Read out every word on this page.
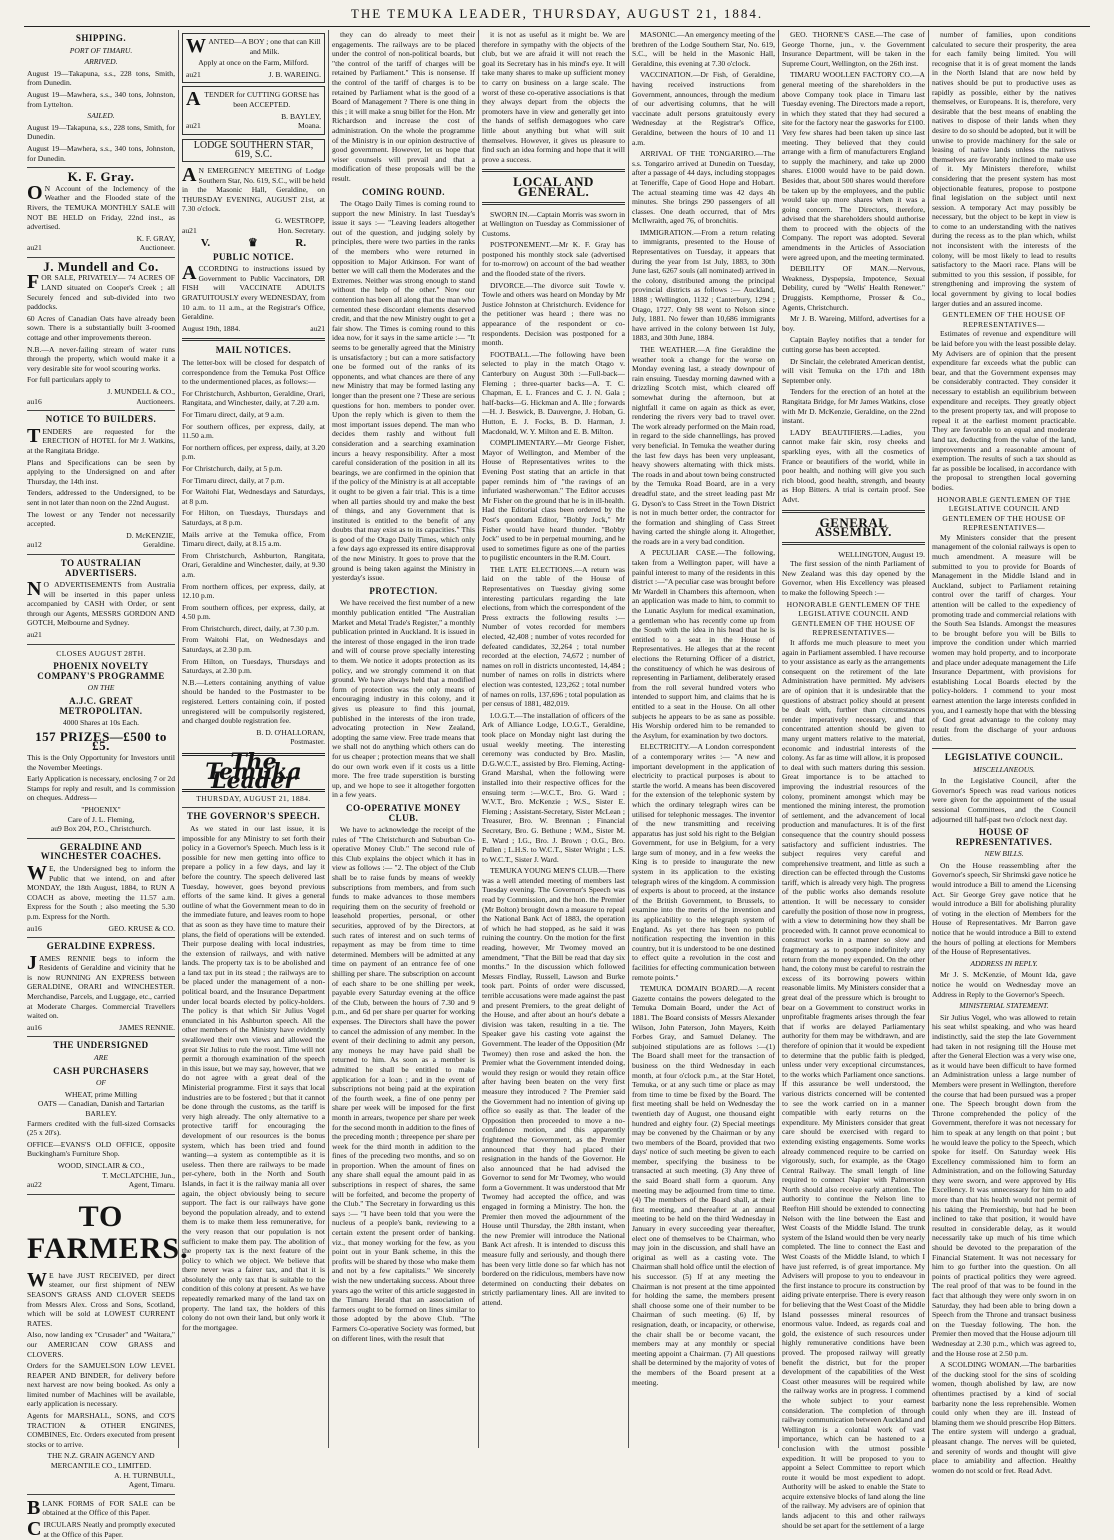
THE TEMUKA LEADER, THURSDAY, AUGUST 21, 1884.
SHIPPING.
PORT OF TIMARU.
ARRIVED.

August 19—Takapuna, s.s., 228 tons, Smith, from Dunedin.

August 19—Mawhera, s.s., 340 tons, Johnston, from Lyttelton.

SAILED.

August 19—Takapuna, s.s., 228 tons, Smith, for Dunedin.

August 19—Mawhera, s.s., 340 tons, Johnston, for Dunedin.

K. F. Gray.

ON Account of the Inclemency of the Weather and the Flooded state of the Rivers, the TEMUKA MONTHLY SALE will NOT BE HELD on Friday, 22nd inst., as advertised.

K. F. GRAY,
au21	Auctioneer.
J. Mundell and Co.

FOR SALE, PRIVATELY— 74 ACRES OF LAND situated on Cooper's Creek ; all Securely fenced and sub-divided into two paddocks.

60 Acres of Canadian Oats have already been sown. There is a substantially built 3-roomed cottage and other improvements thereon.

N.B.—A never-failing stream of water runs through the property, which would make it a very desirable site for wool scouring works.

For full particulars apply to

J. MUNDELL & CO.,
au16	Auctioneers.
NOTICE TO BUILDERS.

TENDERS are requested for the ERECTION of HOTEL for Mr J. Watkins, at the Rangitata Bridge.

Plans and Specifications can be seen by applying to the Undersigned on and after Thursday, the 14th inst.

Tenders, addressed to the Undersigned, to be sent in not later than noon on the 22nd August.

The lowest or any Tender not necessarily accepted.

D. McKENZIE,
au12	Geraldine.
TO AUSTRALIAN ADVERTISERS.

NO ADVERTISEMENTS from Australia will be inserted in this paper unless accompanied by CASH with Order, or sent through our Agents, MESSRS GORDON AND GOTCH, Melbourne and Sydney.

au21
CLOSES AUGUST 28TH.
PHOENIX NOVELTY COMPANY'S PROGRAMME
ON THE
A.J.C. GREAT METROPOLITAN.
4000 Shares at 10s Each.
157 PRIZES—£500 to £5.

This is the Only Opportunity for Investors until the November Meetings.

Early Application is necessary, enclosing 7 or 2d Stamps for reply and result, and 1s commission on cheques. Address—

"PHOENIX"
Care of J. L. Fleming,
au9 Box 204, P.O., Christchurch.
GERALDINE AND WINCHESTER COACHES.

WE, the Undersigned beg to inform the Public that we intend, on and after MONDAY, the 18th August, 1884, to RUN A COACH as above, meeting the 11.57 a.m. Express for the South ; also meeting the 5.30 p.m. Express for the North.

au16	GEO. KRUSE & CO.
GERALDINE EXPRESS.

JAMES RENNIE begs to inform the Residents of Geraldine and vicinity that he is now RUNNING AN EXPRESS between GERALDINE, ORARI and WINCHESTER. Merchandise, Parcels, and Luggage, etc., carried at Moderate Charges. Commercial Travellers waited on.

au16	JAMES RENNIE.
THE UNDERSIGNED
ARE
CASH PURCHASERS
OF
WHEAT, prime Milling
OATS — Canadian, Danish and Tartarian
BARLEY.

Farmers credited with the full-sized Cornsacks (25 x 20's).

OFFICE—EVANS'S OLD OFFICE, opposite Buckingham's Furniture Shop.

WOOD, SINCLAIR & CO.,
T. McCLATCHIE, Jun.,
au22	Agent, Timaru.
TO FARMERS.

WE have JUST RECEIVED, per direct steamer, our first shipment of NEW SEASON'S GRASS AND CLOVER SEEDS from Messrs Alex. Cross and Sons, Scotland, which will be sold at LOWEST CURRENT RATES.

Also, now landing ex "Crusader" and "Waitara," our AMERICAN COW GRASS and CLOVERS.

Orders for the SAMUELSON LOW LEVEL REAPER AND BINDER, for delivery before next harvest are now being booked. As only a limited number of Machines will be available, early application is necessary.

Agents for MARSHALL, SONS, and CO'S TRACTION & OTHER ENGINES, COMBINES, Etc. Orders executed from present stocks or to arrive.

THE N.Z. GRAIN AGENCY AND MERCANTILE CO., LIMITED.
A. H. TURNBULL,
Agent, Timaru.

BLANK FORMS of FOR SALE can be obtained at the Office of this Paper.

CIRCULARS Neatly and promptly executed at the Office of this Paper.

WANTED—A BOY ; one that can Kill and Milk.

Apply at once on the Farm, Milford.

au21	J. B. WAREING.

ATENDER for CUTTING GORSE has been ACCEPTED.

B. BAYLEY,
au21	Moana.
LODGE SOUTHERN STAR, 619, S.C.

AN EMERGENCY MEETING of Lodge Southern Star, No. 619, S.C., will be held in the Masonic Hall, Geraldine, on THURSDAY EVENING, AUGUST 21st, at 7.30 o'clock.

G. WESTROPP,
au21	Hon. Secretary.
V.	♛	R.
PUBLIC NOTICE.

ACCORDING to instructions issued by Government to Public Vaccinators, DR FISH will VACCINATE ADULTS GRATUITOUSLY every WEDNESDAY, from 10 a.m. to 11 a.m., at the Registrar's Office, Geraldine.

August 19th, 1884.	au21
MAIL NOTICES.

The letter-box will be closed for despatch of correspondence from the Temuka Post Office to the undermentioned places, as follows:—

For Christchurch, Ashburton, Geraldine, Orari, Rangitata, and Winchester, daily, at 7.20 a.m.

For Timaru direct, daily, at 9 a.m.

For southern offices, per express, daily, at 11.50 a.m.

For northern offices, per express, daily, at 3.20 p.m.

For Christchurch, daily, at 5 p.m.

For Timaru direct, daily, at 7 p.m.

For Waitohi Flat, Wednesdays and Saturdays, at 8 p.m.

For Hilton, on Tuesdays, Thursdays and Saturdays, at 8 p.m.

Mails arrive at the Temuka office, From Timaru direct, daily, at 8.15 a.m.

From Christchurch, Ashburton, Rangitata, Orari, Geraldine and Winchester, daily, at 9.30 a.m.

From northern offices, per express, daily, at 12.10 p.m.

From southern offices, per express, daily, at 4.50 p.m.

From Christchurch, direct, daily, at 7.30 p.m.

From Waitohi Flat, on Wednesdays and Saturdays, at 2.30 p.m.

From Hilton, on Tuesdays, Thursdays and Saturdays, at 2.30 p.m.

N.B.—Letters containing anything of value should be handed to the Postmaster to be registered. Letters containing coin, if posted unregistered will be compulsorily registered, and charged double registration fee.

B. D. O'HALLORAN,
Postmaster.
The Temuka Leader
THURSDAY, AUGUST 21, 1884.
THE GOVERNOR'S SPEECH.

As we stated in our last issue, it is impossible for any Ministry to set forth their policy in a Governor's Speech. Much less is it possible for new men getting into office to prepare a policy in a few days, and lay it before the country. The speech delivered last Tuesday, however, goes beyond previous efforts of the same kind. It gives a general outline of what the Government mean to do in the immediate future, and leaves room to hope that as soon as they have time to mature their plans, the field of operations will be extended. Their purpose dealing with local industries, the extension of railways, and with native lands. The property tax is to be abolished and a land tax put in its stead ; the railways are to be placed under the management of a non-political board, and the Insurance Department under local boards elected by policy-holders. The policy is that which Sir Julius Vogel enunciated in his Ashburton speech. All the other members of the Ministry have evidently swallowed their own views and allowed the great Sir Julius to rule the roost. Time will not permit a thorough examination of the speech in this issue, but we may say, however, that we do not agree with a great deal of the Ministerial programme. First it says that local industries are to be fostered ; but that it cannot be done through the customs, as the tariff is very high already. The only alternative to a protective tariff for encouraging the development of our resources is the bonus system, which has been tried and found wanting—a system as contemptible as it is useless. Then there are railways to be made per-cyhere, both in the North and South Islands, in fact it is the railway mania all over again, the object obviously being to secure support. The fact is our railways have gone beyond the population already, and to extend them is to make them less remunerative, for the very reason that our population is not sufficient to make them pay. The abolition of the property tax is the next feature of the policy to which we object. We believe that there never was a fairer tax, and that it is absolutely the only tax that is suitable to the condition of this colony at present. As we have repeatedly remarked many of the land tax on property. The land tax, the holders of this colony do not own their land, but only work it for the mortgagee.

they can do already to meet their engagements. The railways are to be placed under the control of non-political boards, but "the control of the tariff of charges will be retained by Parliament." This is nonsense. If the control of the tariff of charges is to be retained by Parliament what is the good of a Board of Management ? There is one thing in this ; it will make a snug billet for the Hon. Mr Richardson and increase the cost of administration. On the whole the programme of the Ministry is in our opinion destructive of good government. However, let us hope that wiser counsels will prevail and that a modification of these proposals will be the result.

COMING ROUND.

The Otago Daily Times is coming round to support the new Ministry. In last Tuesday's issue it says :— "Leaving leaders altogether out of the question, and judging solely by principles, there were two parties in the ranks of the members who were returned in opposition to Major Atkinson. For want of better we will call them the Moderates and the Extremes. Neither was strong enough to stand without the help of the other." Now our contention has been all along that the man who cemented these discordant elements deserved credit, and that the new Ministry ought to get a fair show. The Times is coming round to this idea now, for it says in the same article :— "It seems to be generally agreed that the Ministry is unsatisfactory ; but can a more satisfactory one be formed out of the ranks of its opponents, and what chances are there of any new Ministry that may be formed lasting any longer than the present one ? These are serious questions for hon. members to ponder over. Upon the reply which is given to them the most important issues depend. The man who decides them rashly and without full consideration and a searching examination incurs a heavy responsibility. After a most careful consideration of the position in all its bearings, we are confirmed in the opinion that if the policy of the Ministry is at all acceptable it ought to be given a fair trial. This is a time when all parties should try and make the best of things, and any Government that is instituted is entitled to the benefit of any doubts that may exist as to its capacities." This is good of the Otago Daily Times, which only a few days ago expressed its entire disapproval of the new Ministry. It goes to prove that the ground is being taken against the Ministry in yesterday's issue.

PROTECTION.

We have received the first number of a new monthly publication entitled "The Australian Market and Metal Trade's Register," a monthly publication printed in Auckland. It is issued in the interest of those engaged in the iron trade and will of course prove specially interesting to them. We notice it adopts protection as its policy, and we strongly commend it on that ground. We have always held that a modified form of protection was the only means of encouraging industry in this colony, and it gives us pleasure to find this journal, published in the interests of the iron trade, advocating protection in New Zealand, adopting the same view. Free trade means that we shall not do anything which others can do for us cheaper ; protection means that we shall do our own work even if it costs us a little more. The free trade superstition is bursting up, and we hope to see it altogether forgotten in a few years.

CO-OPERATIVE MONEY CLUB.

We have to acknowledge the receipt of the rules of "The Christchurch and Suburban Co-operative Money Club." The second rule of this Club explains the object which it has in view as follows :— "2. The object of the Club shall be to raise funds by means of weekly subscriptions from members, and from such funds to make advances to those members requiring them on the security of freehold or leasehold properties, personal, or other securities, approved of by the Directors, at such rates of interest and on such terms of repayment as may be from time to time determined. Members will be admitted at any time on payment of an entrance fee of one shilling per share. The subscription on account of each share to be one shilling per week, payable every Saturday evening at the office of the Club, between the hours of 7.30 and 9 p.m., and 6d per share per quarter for working expenses. The Directors shall have the power to cancel the admission of any member. In the event of their declining to admit any person, any moneys he may have paid shall be returned to him. As soon as a member is admitted he shall be entitled to make application for a loan ; and in the event of subscriptions not being paid at the expiration of the fourth week, a fine of one penny per share per week will be imposed for the first month in arrears, twopence per share per week for the second month in addition to the fines of the preceding month ; threepence per share per week for the third month in addition to the fines of the preceding two months, and so on in proportion. When the amount of fines on any share shall equal the amount paid in as subscriptions in respect of shares, the same will be forfeited, and become the property of the Club." The Secretary in forwarding us this says :— "I have been told that you were the nucleus of a people's bank, reviewing to a certain extent the present order of banking. viz., that money working for the few, as you point out in your Bank scheme, in this the profits will be shared by those who make them and not by a few capitalists." We sincerely wish the new undertaking success. About three years ago the writer of this article suggested in the Timaru Herald that an association of farmers ought to be formed on lines similar to those adopted by the above Club. "The Farmers Co-operative Society was formed, but on different lines, with the result that

it is not as useful as it might be. We are therefore in sympathy with the objects of the club, but we are afraid it will not reach the goal its Secretary has in his mind's eye. It will take many shares to make up sufficient money to carry on business on a large scale. The worst of these co-operative associations is that they always depart from the objects the promoters have in view and generally get into the hands of selfish demagogues who care little about anything but what will suit themselves. However, it gives us pleasure to find such an idea forming and hope that it will prove a success.

LOCAL AND GENERAL.

SWORN IN.—Captain Morris was sworn in at Wellington on Tuesday as Commissioner of Customs.

POSTPONEMENT.—Mr K. F. Gray has postponed his monthly stock sale (advertised for to-morrow) on account of the bad weather and the flooded state of the rivers.

DIVORCE.—The divorce suit Towle v. Towle and others was heard on Monday by Mr Justice Johnston at Christchurch. Evidence for the petitioner was heard ; there was no appearance of the respondent or co-respondents. Decision was postponed for a month.

FOOTBALL.—The following have been selected to play in the match Otago v. Canterbury on August 30th :—Full-back—Fleming ; three-quarter backs—A. T. C. Chapman, E. L. Frances and C. J. N. Gala ; half-backs—G. Hickman and A. Ille ; forwards—H. J. Beswick, B. Dauvergne, J. Hoban, G. Hutton, E. J. Focks, B. D. Harman, J. Macdonald, W. Y. Milton and E. B. Milton.

COMPLIMENTARY.—Mr George Fisher, Mayor of Wellington, and Member of the House of Representatives writes to the Evening Post stating that an article in that paper reminds him of "the ravings of an infuriated washerwoman." The Editor accuses Mr Fisher on the ground that he is in ill-health. Had the Editorial class been ordered by the Post's quondam Editor, "Bobby Jock," Mr Fisher would have heard thunder. "Bobby Jock" used to be in perpetual mourning, and he used to sometimes figure as one of the parties to pugilistic encounters in the R.M. Court.

THE LATE ELECTIONS.—A return was laid on the table of the House of Representatives on Tuesday giving some interesting particulars regarding the late elections, from which the correspondent of the Press extracts the following results :— Number of votes recorded for members elected, 42,408 ; number of votes recorded for defeated candidates, 32,264 ; total number recorded at the election, 74,672 ; number of names on roll in districts uncontested, 14,484 ; number of names on rolls in districts where election was contested, 123,262 ; total number of names on rolls, 137,696 ; total population as per census of 1881, 482,019.

I.O.G.T.—The installation of officers of the Ark of Alliance Lodge, I.O.G.T., Geraldine, took place on Monday night last during the usual weekly meeting. The interesting ceremony was conducted by Bro. Maslin, D.G.W.C.T., assisted by Bro. Fleming, Acting-Grand Marshal, when the following were installed into their respective offices for the ensuing term :—W.C.T., Bro. G. Ward ; W.V.T., Bro. McKenzie ; W.S., Sister E. Fleming ; Assistant-Secretary, Sister McLean ; Treasurer, Bro. W. Brennan ; Financial Secretary, Bro. G. Bethune ; W.M., Sister M. E. Ward ; I.G., Bro. J. Brown ; O.G., Bro. Pullen ; L.H.S. to W.C.T., Sister Wright ; L.S. to W.C.T., Sister J. Ward.

TEMUKA YOUNG MEN'S CLUB.—There was a well attended meeting of members last Tuesday evening. The Governor's Speech was read by Commission, and the hon. the Premier (Mr Bolton) brought down a measure to repeal the National Bank Act of 1883, the operation of which he had stopped, as he said it was ruining the country. On the motion for the first reading, however, Mr Twomey moved an amendment, "That the Bill be read that day six months." In the discussion which followed Messrs Findlay, Russell, Lawson and Burke took part. Points of order were discussed, terrible accusations were made against the past and present Premiers, to the great delight of the House, and after about an hour's debate a division was taken, resulting in a tie. The Speaker gave his casting vote against the Government. The leader of the Opposition (Mr Twomey) then rose and asked the hon. the Premier what the Government intended doing, would they resign or would they retain office after having been beaten on the very first measure they introduced ? The Premier said the Government had no intention of giving up office so easily as that. The leader of the Opposition then proceeded to move a no-confidence motion, and this apparently frightened the Government, as the Premier announced that they had placed their resignation in the hands of the Governor. He also announced that he had advised the Governor to send for Mr Twomey, who would form a Government. It was understood that Mr Twomey had accepted the office, and was engaged in forming a Ministry. The hon. the Premier then moved the adjournment of the House until Thursday, the 28th instant, when the new Premier will introduce the National Bank Act afresh. It is intended to discuss this measure fully and seriously, and though there has been very little done so far which has not bordered on the ridiculous, members have now determined on conducting their debates on strictly parliamentary lines. All are invited to attend.

MASONIC.—An emergency meeting of the brethren of the Lodge Southern Star, No. 619, S.C., will be held in the Masonic Hall, Geraldine, this evening at 7.30 o'clock.

VACCINATION.—Dr Fish, of Geraldine, having received instructions from Government, announces, through the medium of our advertising columns, that he will vaccinate adult persons gratuitously every Wednesday at the Registrar's Office, Geraldine, between the hours of 10 and 11 a.m.

ARRIVAL OF THE TONGARIRO.—The s.s. Tongariro arrived at Dunedin on Tuesday, after a passage of 44 days, including stoppages at Teneriffe, Cape of Good Hope and Hobart. The actual steaming time was 42 days 4h minutes. She brings 290 passengers of all classes. One death occurred, that of Mrs McIlwraith, aged 76, of bronchitis.

IMMIGRATION.—From a return relating to immigrants, presented to the House of Representatives on Tuesday, it appears that during the year from 1st July, 1883, to 30th June last, 6267 souls (all nominated) arrived in the colony, distributed among the principal provincial districts as follows :— Auckland, 1888 ; Wellington, 1132 ; Canterbury, 1294 ; Otago, 1727. Only 98 went to Nelson since July, 1881. No fewer than 10,686 immigrants have arrived in the colony between 1st July, 1883, and 30th June, 1884.

THE WEATHER.—A fine Geraldine the weather took a change for the worse on Monday evening last, a steady downpour of rain ensuing. Tuesday morning dawned with a drizzling Scotch mist, which cleared off somewhat during the afternoon, but at nightfall it came on again as thick as ever, rendering the rivers very bad to travel over. The work already performed on the Main road, in regard to the side channellings, has proved very beneficial. In Temuka the weather during the last few days has been very unpleasant, heavy showers alternating with thick mists. The roads in and about town being constructed by the Temuka Road Board, are in a very dreadful state, and the street leading past Mr G. Dyson's to Cass Street in the Town District is not in much better order, the contractor for the formation and shingling of Cass Street having carted the shingle along it. Altogether, the roads are in a very bad condition.

A PECULIAR CASE.—The following, taken from a Wellington paper, will have a painful interest to many of the residents in this district :—"A peculiar case was brought before Mr Wardell in Chambers this afternoon, when an application was made to him, to commit to the Lunatic Asylum for medical examination, a gentleman who has recently come up from the South with the idea in his head that he is entitled to a seat in the House of Representatives. He alleges that at the recent elections the Returning Officer of a district, the constituency of which he was desirous of representing in Parliament, deliberately erased from the roll several hundred voters who intended to support him, and claims that he is entitled to a seat in the House. On all other subjects he appears to be as sane as possible. His Worship ordered him to be remanded to the Asylum, for examination by two doctors.

ELECTRICITY.—A London correspondent of a contemporary writes :— "A new and important development in the application of electricity to practical purposes is about to startle the world. A means has been discovered for the extension of the telephonic system by which the ordinary telegraph wires can be utilised for telephonic messages. The inventor of the new transmitting and receiving apparatus has just sold his right to the Belgian Government, for use in Belgium, for a very large sum of money, and in a few weeks the King is to preside to inaugurate the new system in its application to the existing telegraph wires of the kingdom. A commission of experts is about to proceed, at the instance of the British Government, to Brussels, to examine into the merits of the invention and its applicability to the telegraph system of England. As yet there has been no public notification respecting the invention in this country, but it is understood to be one destined to effect quite a revolution in the cost and facilities for effecting communication between remote points."

TEMUKA DOMAIN BOARD.—A recent Gazette contains the powers delegated to the Temuka Domain Board, under the Act of 1881. The Board consists of Messrs Alexander Wilson, John Paterson, John Mayers, Keith Forbes Gray, and Samuel Delaney. The subjoined stipulations are as follows :—(1) The Board shall meet for the transaction of business on the third Wednesday in each month, at four o'clock p.m., at the Star Hotel, Temuka, or at any such time or place as may from time to time be fixed by the Board. The first meeting shall be held on Wednesday the twentieth day of August, one thousand eight hundred and eighty four. (2) Special meetings may be convened by the Chairman or by any two members of the Board, provided that two days' notice of such meeting be given to each member, specifying the business to be transacted at such meeting. (3) Any three of the said Board shall form a quorum. Any meeting may be adjourned from time to time. (4) The members of the Board shall, at their first meeting, and thereafter at an annual meeting to be held on the third Wednesday in January in every succeeding year thereafter, elect one of themselves to be Chairman, who may join in the discussion, and shall have an original as well as a casting vote. The Chairman shall hold office until the election of his successor. (5) If at any meeting the Chairman is not present at the time appointed for holding the same, the members present shall choose some one of their number to be Chairman of such meeting. (6) If, by resignation, death, or incapacity, or otherwise, the chair shall be or become vacant, the members may at any monthly or special meeting appoint a Chairman. (7) All questions shall be determined by the majority of votes of the members of the Board present at a meeting.

GEO. THORNE'S CASE.—The case of George Thorne, jun., v. the Government Insurance Department, will be taken in the Supreme Court, Wellington, on the 26th inst.

TIMARU WOOLLEN FACTORY CO.—A general meeting of the shareholders in the above Company took place in Timaru last Tuesday evening. The Directors made a report, in which they stated that they had secured a site for the factory near the gasworks for £100. Very few shares had been taken up since last meeting. They believed that they could arrange with a firm of manufacturers England to supply the machinery, and take up 2000 shares. £1000 would have to be paid down. Besides that, about 500 shares would therefore be taken up by the employees, and the public would take up more shares when it was a going concern. The Directors, therefore, advised that the shareholders should authorise them to proceed with the objects of the Company. The report was adopted. Several amendments in the Articles of Association were agreed upon, and the meeting terminated.

DEBILITY OF MAN.—Nervous, Weakness, Dyspepsia, Impotence, Sexual Debility, cured by "Wells' Health Renewer." Druggists. Kempthorne, Prosser & Co., Agents, Christchurch.

Mr J. B. Wareing, Milford, advertises for a boy.

Captain Bayley notifies that a tender for cutting gorse has been accepted.

Dr Sinclair, the celebrated American dentist, will visit Temuka on the 17th and 18th September only.

Tenders for the erection of an hotel at the Rangitata Bridge, for Mr James Watkins, close with Mr D. McKenzie, Geraldine, on the 22nd instant.

LADY BEAUTIFIERS.—Ladies, you cannot make fair skin, rosy cheeks and sparkling eyes, with all the cosmetics of France or beautifiers of the world, while in poor health, and nothing will give you such rich blood, good health, strength, and beauty as Hop Bitters. A trial is certain proof. See Advt.

GENERAL ASSEMBLY.
WELLINGTON, August 19.

The first session of the ninth Parliament of New Zealand was this day opened by the Governor, when His Excellency was pleased to make the following Speech :—

HONORABLE GENTLEMEN OF THE LEGISLATIVE COUNCIL AND GENTLEMEN OF THE HOUSE OF REPRESENTATIVES—

It affords me much pleasure to meet you again in Parliament assembled. I have recourse to your assistance as early as the arrangements consequent on the retirement of the late Administration have permitted. My advisers are of opinion that it is undesirable that the questions of abstract policy should at present be dealt with, further than circumstances render imperatively necessary, and that concentrated attention should be given to many urgent matters relative to the material, economic and industrial interests of the colony. As far as time will allow, it is proposed to deal with such matters during this session. Great importance is to be attached to improving the industrial resources of the colony, prominent amongst which may be mentioned the mining interest, the promotion of settlement, and the advancement of local production and manufactures. It is of the first consequence that the country should possess satisfactory and sufficient industries. The subject requires very careful and comprehensive treatment, and little as such a direction can be effected through the Customs tariff, which is already very high. The progress of the public works also demands resolute attention. It will be necessary to consider carefully the position of those now in progress, with a view to determining how they shall be proceeded with. It cannot prove economical to construct works in a manner so slow and fragmentary as to postpone indefinitely any return from the money expended. On the other hand, the colony must be careful to restrain the excess of its borrowing powers within reasonable limits. My Ministers consider that a great deal of the pressure which is brought to bear on a Government to construct works in unprofitable fragments arises through the fear that if works are delayed Parliamentary authority for them may be withdrawn, and are therefore of opinion that it would be expedient to determine that the public faith is pledged, unless under very exceptional circumstances, to the works which Parliament once sanctions. If this assurance be well understood, the various districts concerned will be contented to see the work carried on in a manner compatible with early returns on the expenditure. My Ministers consider that great care should be exercised with regard to extending existing engagements. Some works already commenced require to be carried on vigorously, such, for example, as the Otago Central Railway. The small length of line required to connect Napier with Palmerston North should also receive early attention. The authority to continue the Nelson line to Reefton Hill should be extended to connecting Nelson with the line between the East and West Coasts of the Middle Island. The trunk system of the Island would then be very nearly completed. The line to connect the East and West Coasts of the Middle Island, to which I have just referred, is of great importance. My Advisers will propose to you to endeavour in the first instance to procure its construction by aiding private enterprise. There is every reason for believing that the West Coast of the Middle Island possesses mineral resources of enormous value. Indeed, as regards coal and gold, the existence of such resources under highly remunerative conditions have been proved. The proposed railway will greatly benefit the district, but for the proper development of the capabilities of the West Coast other measures will be required while the railway works are in progress. I commend the whole subject to your earnest consideration. The completion of through railway communication between Auckland and Wellington is a colonial work of vast importance, which can be hastened to a conclusion with the utmost possible expedition. It will be proposed to you to appoint a Select Committee to report which route it would be most expedient to adopt. Authority will be asked to enable the State to acquire extensive blocks of land along the line of the railway. My advisers are of opinion that lands adjacent to this and other railways should be set apart for the settlement of a large

number of families, upon conditions calculated to secure their prosperity, the area for each family being limited. You will recognise that it is of great moment the lands in the North Island that are now held by natives should be put to productive uses as rapidly as possible, either by the natives themselves, or Europeans. It is, therefore, very desirable that the best means of enabling the natives to dispose of their lands when they desire to do so should be adopted, but it will be unwise to provide machinery for the sale or leasing of native lands unless the natives themselves are favorably inclined to make use of it. My Ministers therefore, whilst considering that the present system has most objectionable features, propose to postpone final legislation on the subject until next session. A temporary Act may possibly be necessary, but the object to be kept in view is to come to an understanding with the natives during the recess as to the plan which, whilst not inconsistent with the interests of the colony, will be most likely to lead to results satisfactory to the Maori race. Plans will be submitted to you this session, if possible, for strengthening and improving the system of local government by giving to local bodies larger duties and an assured income.

GENTLEMEN OF THE HOUSE OF REPRESENTATIVES—

Estimates of revenue and expenditure will be laid before you with the least possible delay. My Advisers are of opinion that the present expenditure far exceeds what the public can bear, and that the Government expenses may be considerably contracted. They consider it necessary to establish an equilibrium between expenditure and receipts. They greatly object to the present property tax, and will propose to repeal it at the earliest moment practicable. They are favorable to an equal and moderate land tax, deducting from the value of the land, improvements and a reasonable amount of exemption. The results of such a tax should as far as possible be localised, in accordance with the proposal to strengthen local governing bodies.

HONORABLE GENTLEMEN OF THE LEGISLATIVE COUNCIL AND GENTLEMEN OF THE HOUSE OF REPRESENTATIVES—

My Ministers consider that the present management of the colonial railways is open to much amendment. A measure will be submitted to you to provide for Boards of Management in the Middle Island and in Auckland, subject to Parliament retaining control over the tariff of charges. Your attention will be called to the expediency of promoting trade and commercial relations with the South Sea Islands. Amongst the measures to be brought before you will be Bills to improve the condition under which married women may hold property, and to incorporate and place under adequate management the Life Insurance Department, with provisions for establishing Local Boards elected by the policy-holders. I commend to your most earnest attention the large interests confided in you, and I earnestly hope that with the blessing of God great advantage to the colony may result from the discharge of your arduous duties.

LEGISLATIVE COUNCIL.
MISCELLANEOUS.

In the Legislative Council, after the Governor's Speech was read various notices were given for the appointment of the usual sessional Committees, and the Council adjourned till half-past two o'clock next day.

HOUSE OF REPRESENTATIVES.
NEW BILLS.

On the House reassembling after the Governor's speech, Sir Shrimski gave notice he would introduce a Bill to amend the Licensing Act. Sir George Grey gave notice that he would introduce a Bill for abolishing plurality of voting in the election of Members for the House of Representatives. Mr Barron gave notice that he would introduce a Bill to extend the hours of polling at elections for Members of the House of Representatives.

ADDRESS IN REPLY.

Mr J. S. McKenzie, of Mount Ida, gave notice he would on Wednesday move an Address in Reply to the Governor's Speech.

MINISTERIAL STATEMENT.

Sir Julius Vogel, who was allowed to retain his seat whilst speaking, and who was heard indistinctly, said the step the late Government had taken in not resigning till the House met after the General Election was a very wise one, as it would have been difficult to have formed an Administration unless a large number of Members were present in Wellington, therefore the course that had been pursued was a proper one. The Speech brought down from the Throne comprehended the policy of the Government, therefore it was not necessary for him to speak at any length on that point ; but he would leave the policy to the Speech, which spoke for itself. On Saturday week His Excellency commissioned him to form an Administration, and on the following Saturday they were sworn, and were approved by His Excellency. It was unnecessary for him to add more than that his health would not permit of his taking the Premiership, but had he been inclined to take that position, it would have resulted in considerable delay, as it would necessarily take up much of his time which should be devoted to the preparation of the Financial Statement. It was not necessary for him to go further into the question. On all points of practical politics they were agreed. The real proof of that was to be found in the fact that although they were only sworn in on Saturday, they had been able to bring down a Speech from the Throne and transact business on the Tuesday following. The hon. the Premier then moved that the House adjourn till Wednesday at 2.30 p.m., which was agreed to, and the House rose at 2.50 p.m.

A SCOLDING WOMAN.—The barbarities of the ducking stool for the sins of scolding women, though abolished by law, are now oftentimes practised by a kind of social barbarity none the less reprehensible. Women could only when they are ill. Instead of blaming them we should prescribe Hop Bitters. The entire system will undergo a gradual, pleasant change. The nerves will be quieted, and serenity of words and thought will give place to amiability and affection. Healthy women do not scold or fret. Read Advt.
